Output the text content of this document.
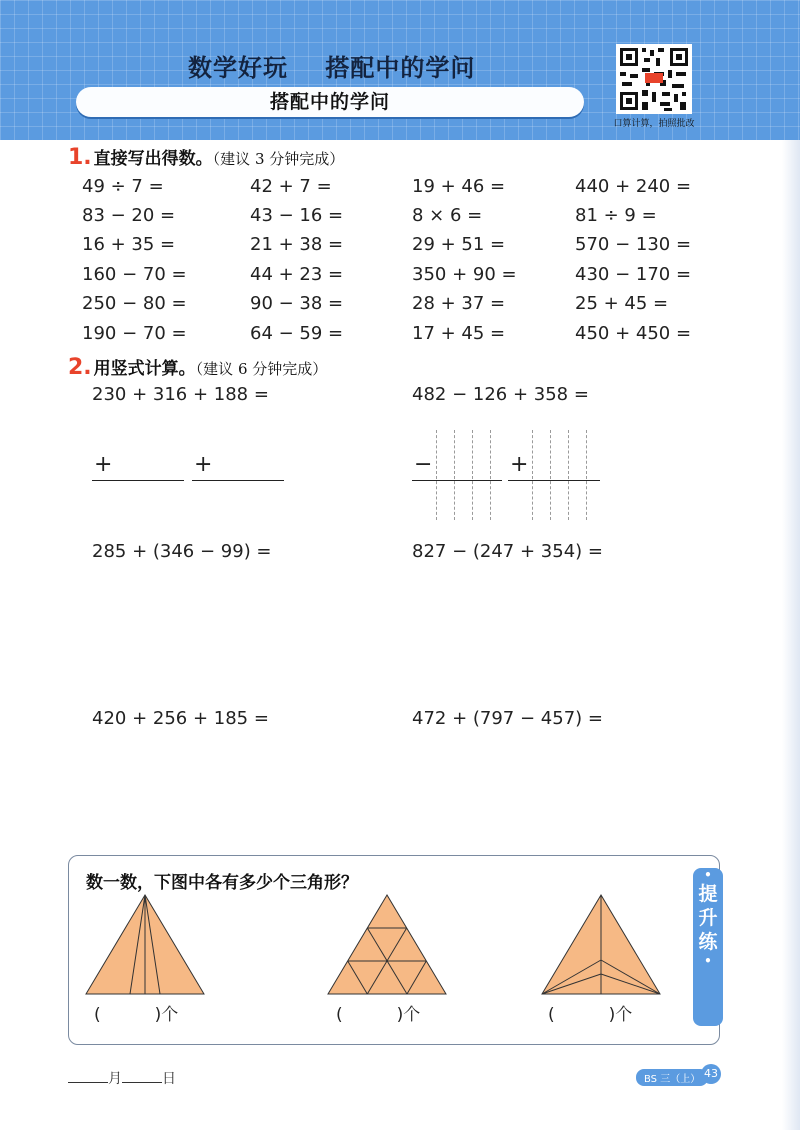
数学好玩    搭配中的学问
搭配中的学问
口算计算，拍照批改
1. 直接写出得数。（建议 3 分钟完成）
49 ÷ 7 =	42 + 7 =	19 + 46 =	440 + 240 =
83 − 20 =	43 − 16 =	8 × 6 =	81 ÷ 9 =
16 + 35 =	21 + 38 =	29 + 51 =	570 − 130 =
160 − 70 =	44 + 23 =	350 + 90 =	430 − 170 =
250 − 80 =	90 − 38 =	28 + 37 =	25 + 45 =
190 − 70 =	64 − 59 =	17 + 45 =	450 + 450 =
2. 用竖式计算。（建议 6 分钟完成）
230 + 316 + 188 =	482 − 126 + 358 =
+	+	−	+
285 + (346 − 99) =	827 − (247 + 354) =
420 + 256 + 185 =	472 + (797 − 457) =
数一数，下图中各有多少个三角形？	•
提
升
练
•
(          )个	(          )个	(          )个
月	日	BS 三（上） 43
